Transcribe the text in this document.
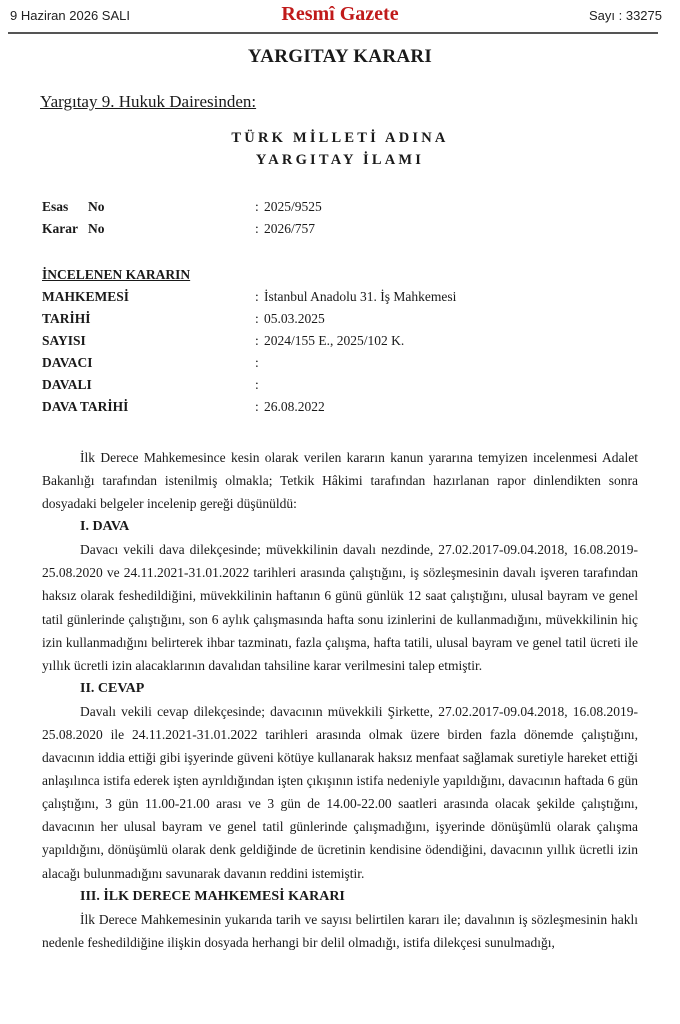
9 Haziran 2026 SALI	Resmî Gazete	Sayı : 33275
YARGITAY KARARI
Yargıtay 9. Hukuk Dairesinden:
TÜRK MİLLETİ ADINA
YARGITAY İLAMI
Esas No	: 2025/9525
Karar No	: 2026/757
İNCELENEN KARARIN
MAHKEMESİ	: İstanbul Anadolu 31. İş Mahkemesi
TARİHİ	: 05.03.2025
SAYISI	: 2024/155 E., 2025/102 K.
DAVACI	:
DAVALI	:
DAVA TARİHİ	: 26.08.2022

İlk Derece Mahkemesince kesin olarak verilen kararın kanun yararına temyizen incelenmesi Adalet Bakanlığı tarafından istenilmiş olmakla; Tetkik Hâkimi tarafından hazırlanan rapor dinlendikten sonra dosyadaki belgeler incelenip gereği düşünüldü:

I. DAVA

Davacı vekili dava dilekçesinde; müvekkilinin davalı nezdinde, 27.02.2017-09.04.2018, 16.08.2019-25.08.2020 ve 24.11.2021-31.01.2022 tarihleri arasında çalıştığını, iş sözleşmesinin davalı işveren tarafından haksız olarak feshedildiğini, müvekkilinin haftanın 6 günü günlük 12 saat çalıştığını, ulusal bayram ve genel tatil günlerinde çalıştığını, son 6 aylık çalışmasında hafta sonu izinlerini de kullanmadığını, müvekkilinin hiç izin kullanmadığını belirterek ihbar tazminatı, fazla çalışma, hafta tatili, ulusal bayram ve genel tatil ücreti ile yıllık ücretli izin alacaklarının davalıdan tahsiline karar verilmesini talep etmiştir.

II. CEVAP

Davalı vekili cevap dilekçesinde; davacının müvekkili Şirkette, 27.02.2017-09.04.2018, 16.08.2019-25.08.2020 ile 24.11.2021-31.01.2022 tarihleri arasında olmak üzere birden fazla dönemde çalıştığını, davacının iddia ettiği gibi işyerinde güveni kötüye kullanarak haksız menfaat sağlamak suretiyle hareket ettiği anlaşılınca istifa ederek işten ayrıldığından işten çıkışının istifa nedeniyle yapıldığını, davacının haftada 6 gün çalıştığını, 3 gün 11.00-21.00 arası ve 3 gün de 14.00-22.00 saatleri arasında olacak şekilde çalıştığını, davacının her ulusal bayram ve genel tatil günlerinde çalışmadığını, işyerinde dönüşümlü olarak çalışma yapıldığını, dönüşümlü olarak denk geldiğinde de ücretinin kendisine ödendiğini, davacının yıllık ücretli izin alacağı bulunmadığını savunarak davanın reddini istemiştir.

III. İLK DERECE MAHKEMESİ KARARI

İlk Derece Mahkemesinin yukarıda tarih ve sayısı belirtilen kararı ile; davalının iş sözleşmesinin haklı nedenle feshedildiğine ilişkin dosyada herhangi bir delil olmadığı, istifa dilekçesi sunulmadığı,
